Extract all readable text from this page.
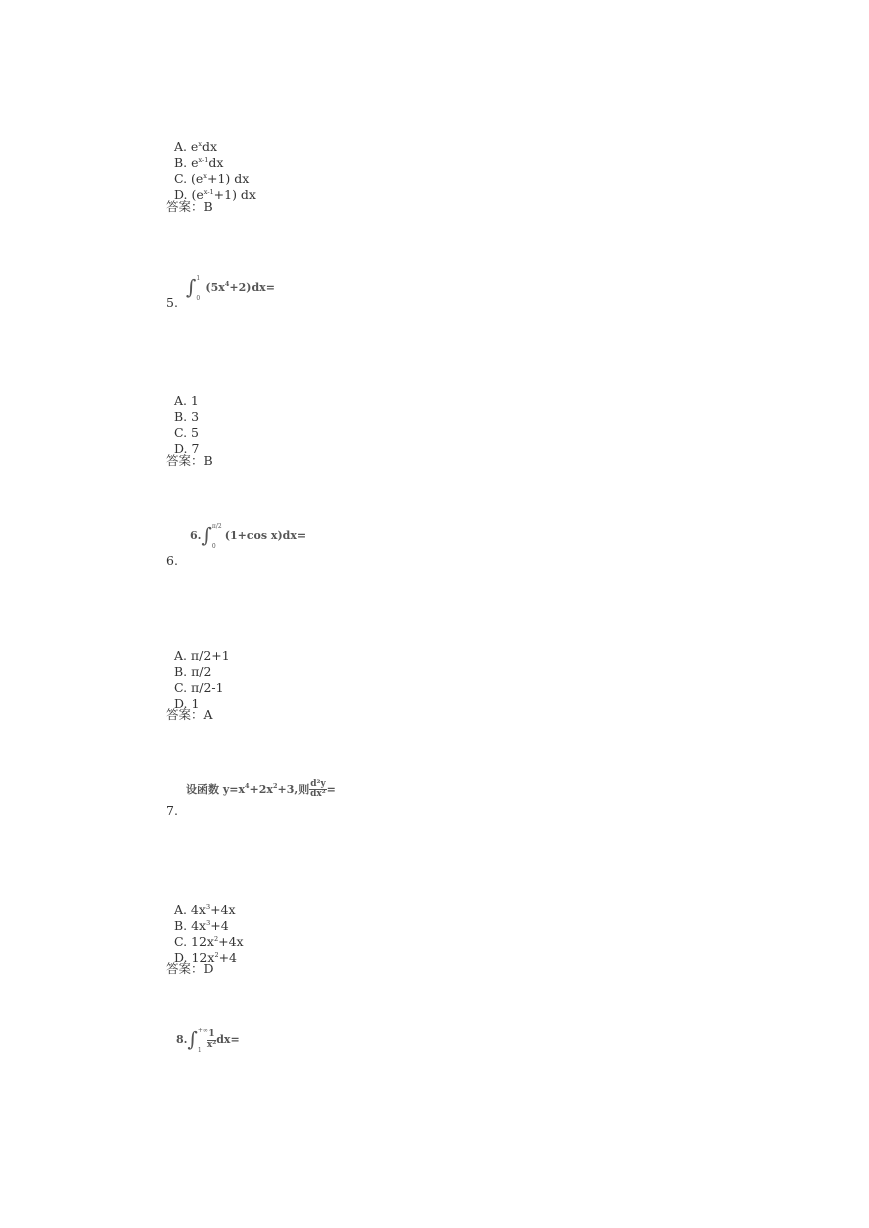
A. $e^xdx$
B. $e^{x-1}dx$
C. $(e^x+1)$ dx
D. $(e^{x-1}+1)$ dx

答案：B
∫ 1
0
$(5x^4+2)dx=$
5.

A. 1
B. 3
C. 5
D. 7

答案：B
6.∫ π/2
0
(1+cos x)dx=
6.

A. π/2+1
B. π/2
C. π/2-1
D. 1

答案：A
设函数 $y=x^4+2x^2+3$,则 $\frac{\text{d²y}}{\text{dx²}}$ =
7.

A. $4x^3+4x$
B. $4x^3+4$
C. $12x^2+4x$
D. $12x^2+4$

答案：D
8.∫ +∞
1
$\frac{1}{\text{x²}} dx=$
